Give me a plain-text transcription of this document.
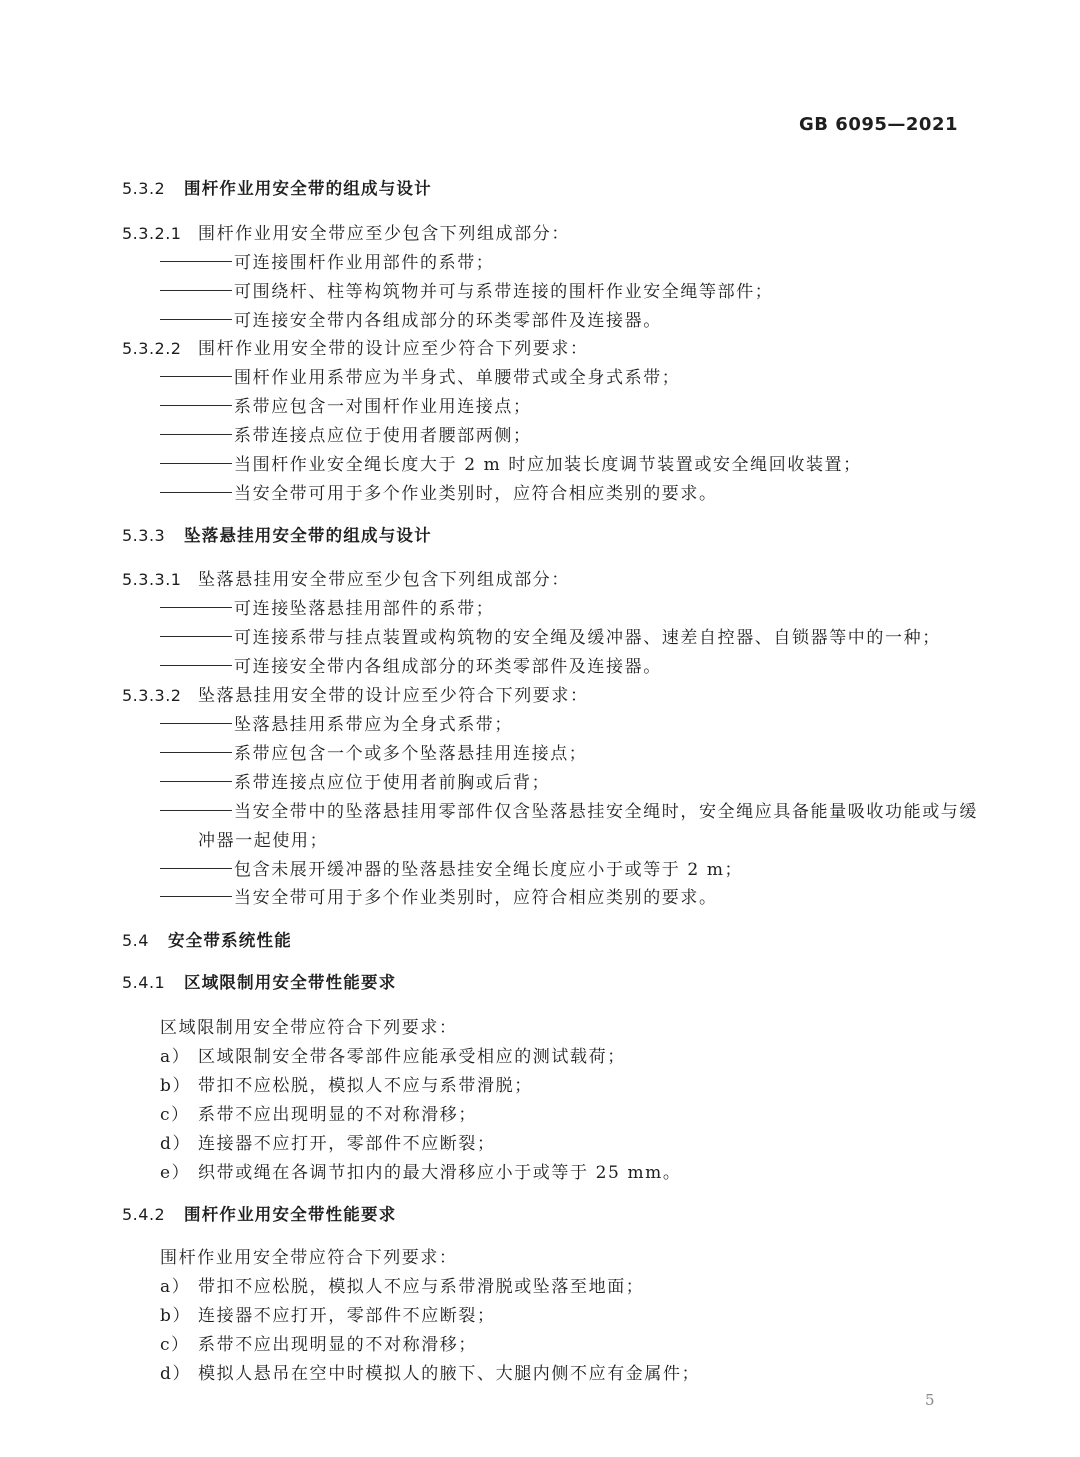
GB 6095—2021
5.3.2 围杆作业用安全带的组成与设计
5.3.2.1 围杆作业用安全带应至少包含下列组成部分：
可连接围杆作业用部件的系带；
可围绕杆、柱等构筑物并可与系带连接的围杆作业安全绳等部件；
可连接安全带内各组成部分的环类零部件及连接器。
5.3.2.2 围杆作业用安全带的设计应至少符合下列要求：
围杆作业用系带应为半身式、单腰带式或全身式系带；
系带应包含一对围杆作业用连接点；
系带连接点应位于使用者腰部两侧；
当围杆作业安全绳长度大于 2 m 时应加装长度调节装置或安全绳回收装置；
当安全带可用于多个作业类别时，应符合相应类别的要求。
5.3.3 坠落悬挂用安全带的组成与设计
5.3.3.1 坠落悬挂用安全带应至少包含下列组成部分：
可连接坠落悬挂用部件的系带；
可连接系带与挂点装置或构筑物的安全绳及缓冲器、速差自控器、自锁器等中的一种；
可连接安全带内各组成部分的环类零部件及连接器。
5.3.3.2 坠落悬挂用安全带的设计应至少符合下列要求：
坠落悬挂用系带应为全身式系带；
系带应包含一个或多个坠落悬挂用连接点；
系带连接点应位于使用者前胸或后背；
当安全带中的坠落悬挂用零部件仅含坠落悬挂安全绳时，安全绳应具备能量吸收功能或与缓
冲器一起使用；
包含未展开缓冲器的坠落悬挂安全绳长度应小于或等于 2 m；
当安全带可用于多个作业类别时，应符合相应类别的要求。
5.4 安全带系统性能
5.4.1 区域限制用安全带性能要求
区域限制用安全带应符合下列要求：
a） 区域限制安全带各零部件应能承受相应的测试载荷；
b） 带扣不应松脱，模拟人不应与系带滑脱；
c） 系带不应出现明显的不对称滑移；
d） 连接器不应打开，零部件不应断裂；
e） 织带或绳在各调节扣内的最大滑移应小于或等于 25 mm。
5.4.2 围杆作业用安全带性能要求
围杆作业用安全带应符合下列要求：
a） 带扣不应松脱，模拟人不应与系带滑脱或坠落至地面；
b） 连接器不应打开，零部件不应断裂；
c） 系带不应出现明显的不对称滑移；
d） 模拟人悬吊在空中时模拟人的腋下、大腿内侧不应有金属件；
5
